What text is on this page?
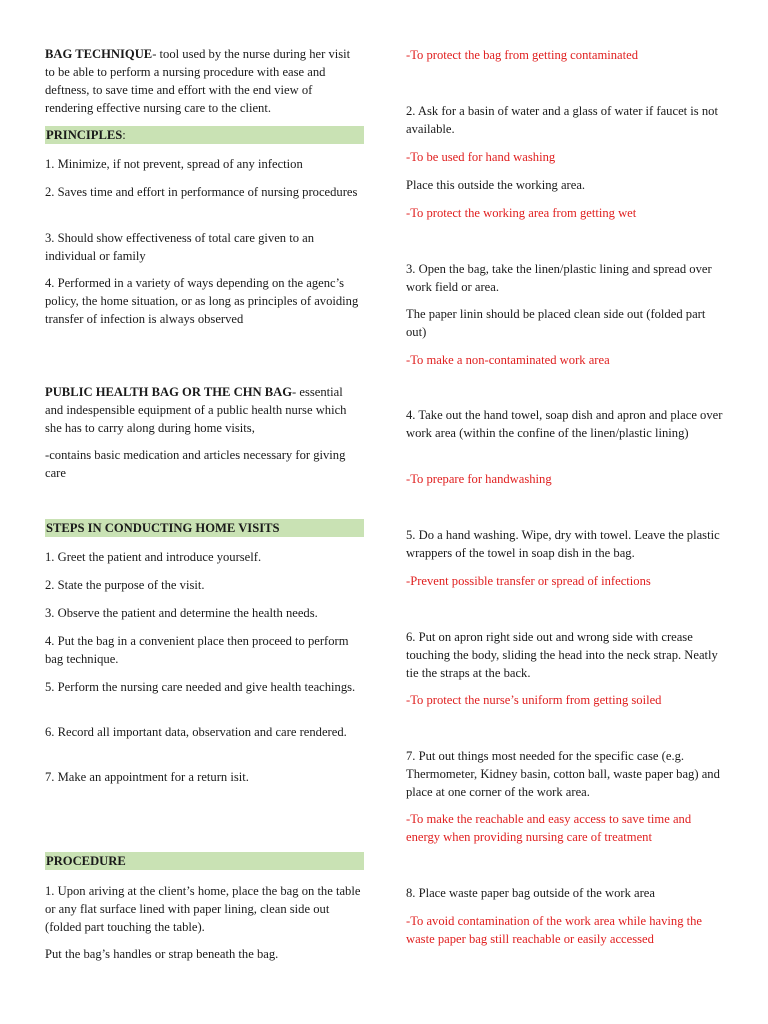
BAG TECHNIQUE- tool used by the nurse during her visit to be able to perform a nursing procedure with ease and deftness, to save time and effort with the end view of rendering effective nursing care to the client.

PRINCIPLES:

1. Minimize, if not prevent, spread of any infection

2. Saves time and effort in performance of nursing procedures

3. Should show effectiveness of total care given to an individual or family

4. Performed in a variety of ways depending on the agenc’s policy, the home situation, or as long as principles of avoiding transfer of infection is always observed

PUBLIC HEALTH BAG OR THE CHN BAG- essential and indespensible equipment of a public health nurse which she has to carry along during home visits,

-contains basic medication and articles necessary for giving care

STEPS IN CONDUCTING HOME VISITS

1. Greet the patient and introduce yourself.

2. State the purpose of the visit.

3. Observe the patient and determine the health needs.

4. Put the bag in a convenient place then proceed to perform bag technique.

5. Perform the nursing care needed and give health teachings.

6. Record all important data, observation and care rendered.

7. Make an appointment for a return isit.

PROCEDURE

1. Upon ariving at the client’s home, place the bag on the table or any flat surface lined with paper lining, clean side out (folded part touching the table).

Put the bag’s handles or strap beneath the bag.

-To protect the bag from getting contaminated

2. Ask for a basin of water and a glass of water if faucet is not available.

-To be used for hand washing

Place this outside the working area.

-To protect the working area from getting wet

3. Open the bag, take the linen/plastic lining and spread over work field or area.

The paper linin should be placed clean side out (folded part out)

-To make a non-contaminated work area

4. Take out the hand towel, soap dish and apron and place over work area (within the confine of the linen/plastic lining)

-To prepare for handwashing

5. Do a hand washing. Wipe, dry with towel. Leave the plastic wrappers of the towel in soap dish in the bag.

-Prevent possible transfer or spread of infections

6. Put on apron right side out and wrong side with crease touching the body, sliding the head into the neck strap. Neatly tie the straps at the back.

-To protect the nurse’s uniform from getting soiled

7. Put out things most needed for the specific case (e.g. Thermometer, Kidney basin, cotton ball, waste paper bag) and place at one corner of the work area.

-To make the reachable and easy access to save time and energy when providing nursing care of treatment

8. Place waste paper bag outside of the work area

-To avoid contamination of the work area while having the waste paper bag still reachable or easily accessed
